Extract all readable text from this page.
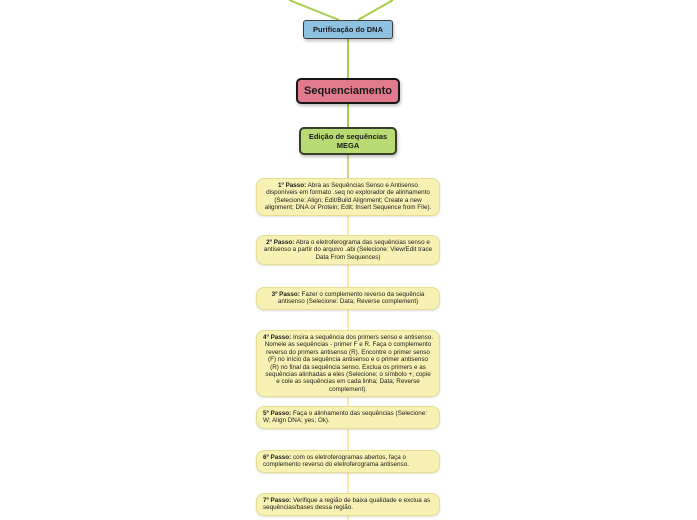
Purificação do DNA
Sequenciamento
Edição de sequências
MEGA
1º Passo: Abra as Sequências Senso e Antisenso disponíveis em formato .seq no explorador de alinhamento (Selecione: Align; Edit/Build Alignment; Create a new alignment; DNA or Protein; Edit; Insert Sequence from File).
2º Passo: Abra o eletroferograma das sequências senso e antisenso a partir do arquivo .abi (Selecione: View/Edit trace Data From Sequences)
3º Passo: Fazer o complemento reverso da sequência antisenso (Selecione: Data; Reverse complement)
4º Passo: Insira a sequência dos primers senso e antisenso. Nomeie as sequências - primer F e R. Faça o complemento reverso do primers antisenso (R). Encontre o primer senso (F) no início da sequência antisenso e o primer antisenso (R) no final da sequência senso. Exclua os primers e as sequências alinhadas a eles (Selecione: o símbolo +; copie e cole as sequências em cada linha; Data; Reverse complement).
5º Passo: Faça o alinhamento das sequências (Selecione: W; Align DNA; yes; Ok).
6º Passo: com os eletroferogramas abertos, faça o complemento reverso do eletroferograma antisenso.
7º Passo: Verifique a região de baixa qualidade e exclua as sequências/bases dessa região.
